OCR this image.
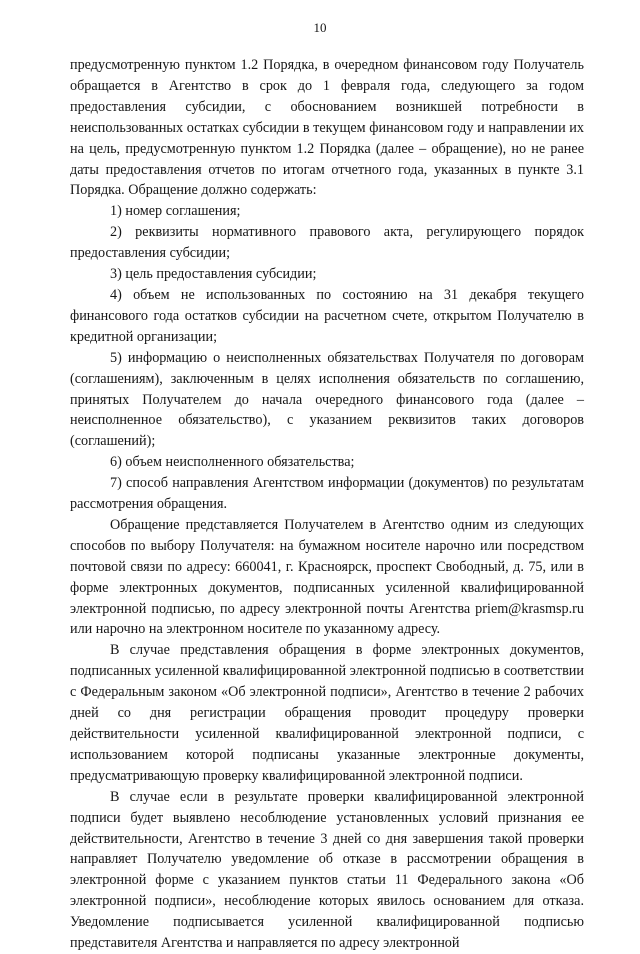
10

предусмотренную пунктом 1.2 Порядка, в очередном финансовом году Получатель обращается в Агентство в срок до 1 февраля года, следующего за годом предоставления субсидии, с обоснованием возникшей потребности в неиспользованных остатках субсидии в текущем финансовом году и направлении их на цель, предусмотренную пунктом 1.2 Порядка (далее – обращение), но не ранее даты предоставления отчетов по итогам отчетного года, указанных в пункте 3.1 Порядка. Обращение должно содержать:

1) номер соглашения;

2) реквизиты нормативного правового акта, регулирующего порядок предоставления субсидии;

3) цель предоставления субсидии;

4) объем не использованных по состоянию на 31 декабря текущего финансового года остатков субсидии на расчетном счете, открытом Получателю в кредитной организации;

5) информацию о неисполненных обязательствах Получателя по договорам (соглашениям), заключенным в целях исполнения обязательств по соглашению, принятых Получателем до начала очередного финансового года (далее – неисполненное обязательство), с указанием реквизитов таких договоров (соглашений);

6) объем неисполненного обязательства;

7) способ направления Агентством информации (документов) по результатам рассмотрения обращения.

Обращение представляется Получателем в Агентство одним из следующих способов по выбору Получателя: на бумажном носителе нарочно или посредством почтовой связи по адресу: 660041, г. Красноярск, проспект Свободный, д. 75, или в форме электронных документов, подписанных усиленной квалифицированной электронной подписью, по адресу электронной почты Агентства priem@krasmsp.ru или нарочно на электронном носителе по указанному адресу.

В случае представления обращения в форме электронных документов, подписанных усиленной квалифицированной электронной подписью в соответствии с Федеральным законом «Об электронной подписи», Агентство в течение 2 рабочих дней со дня регистрации обращения проводит процедуру проверки действительности усиленной квалифицированной электронной подписи, с использованием которой подписаны указанные электронные документы, предусматривающую проверку квалифицированной электронной подписи.

В случае если в результате проверки квалифицированной электронной подписи будет выявлено несоблюдение установленных условий признания ее действительности, Агентство в течение 3 дней со дня завершения такой проверки направляет Получателю уведомление об отказе в рассмотрении обращения в электронной форме с указанием пунктов статьи 11 Федерального закона «Об электронной подписи», несоблюдение которых явилось основанием для отказа. Уведомление подписывается усиленной квалифицированной подписью представителя Агентства и направляется по адресу электронной
